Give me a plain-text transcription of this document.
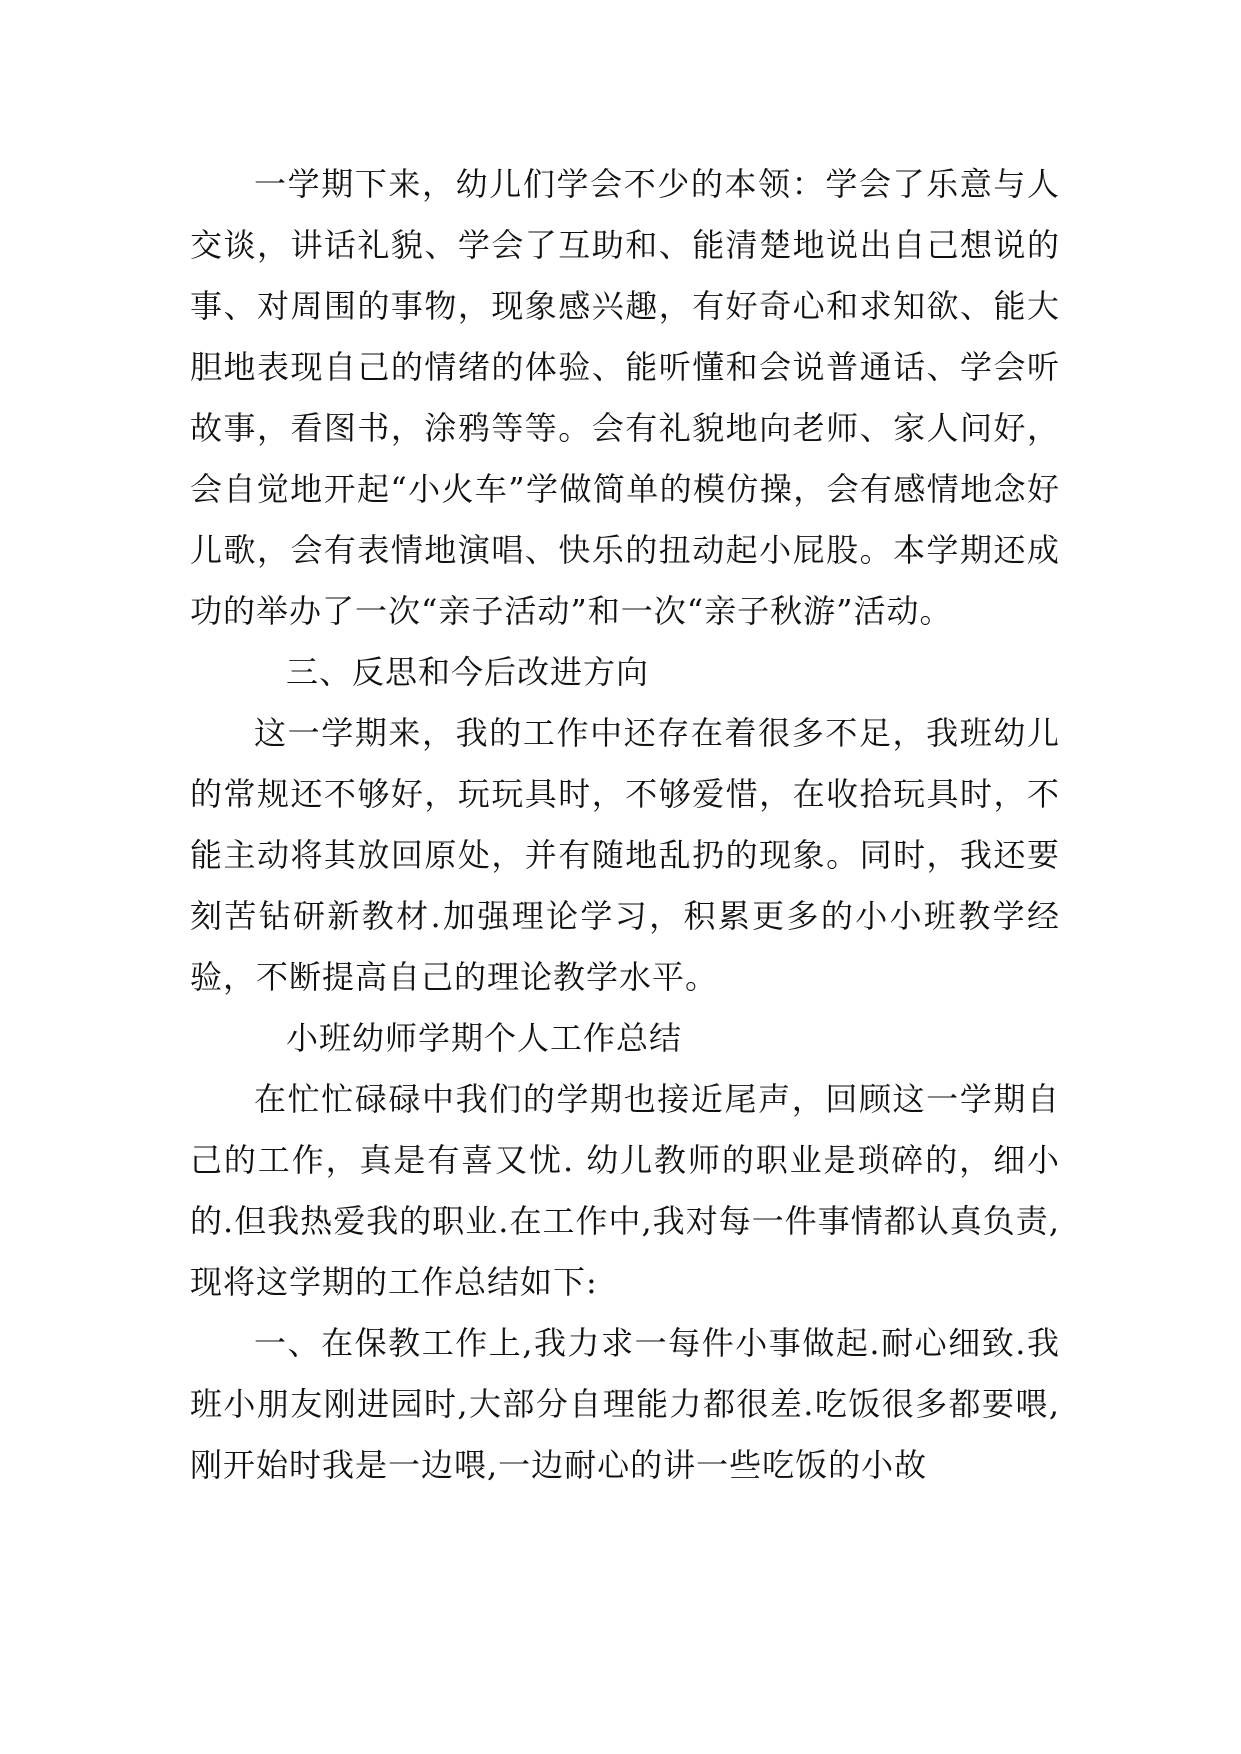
一学期下来，幼儿们学会不少的本领：学会了乐意与人交谈，讲话礼貌、学会了互助和、能清楚地说出自己想说的事、对周围的事物，现象感兴趣，有好奇心和求知欲、能大胆地表现自己的情绪的体验、能听懂和会说普通话、学会听故事，看图书，涂鸦等等。会有礼貌地向老师、家人问好，会自觉地开起“小火车”学做简单的模仿操，会有感情地念好儿歌，会有表情地演唱、快乐的扭动起小屁股。本学期还成功的举办了一次“亲子活动”和一次“亲子秋游”活动。

三、反思和今后改进方向

这一学期来，我的工作中还存在着很多不足，我班幼儿的常规还不够好，玩玩具时，不够爱惜，在收拾玩具时，不能主动将其放回原处，并有随地乱扔的现象。同时，我还要刻苦钻研新教材.加强理论学习，积累更多的小小班教学经验，不断提高自己的理论教学水平。

小班幼师学期个人工作总结

在忙忙碌碌中我们的学期也接近尾声，回顾这一学期自己的工作，真是有喜又忧. 幼儿教师的职业是琐碎的，细小的.但我热爱我的职业.在工作中,我对每一件事情都认真负责,现将这学期的工作总结如下:

一、在保教工作上,我力求一每件小事做起.耐心细致.我班小朋友刚进园时,大部分自理能力都很差.吃饭很多都要喂,刚开始时我是一边喂,一边耐心的讲一些吃饭的小故
